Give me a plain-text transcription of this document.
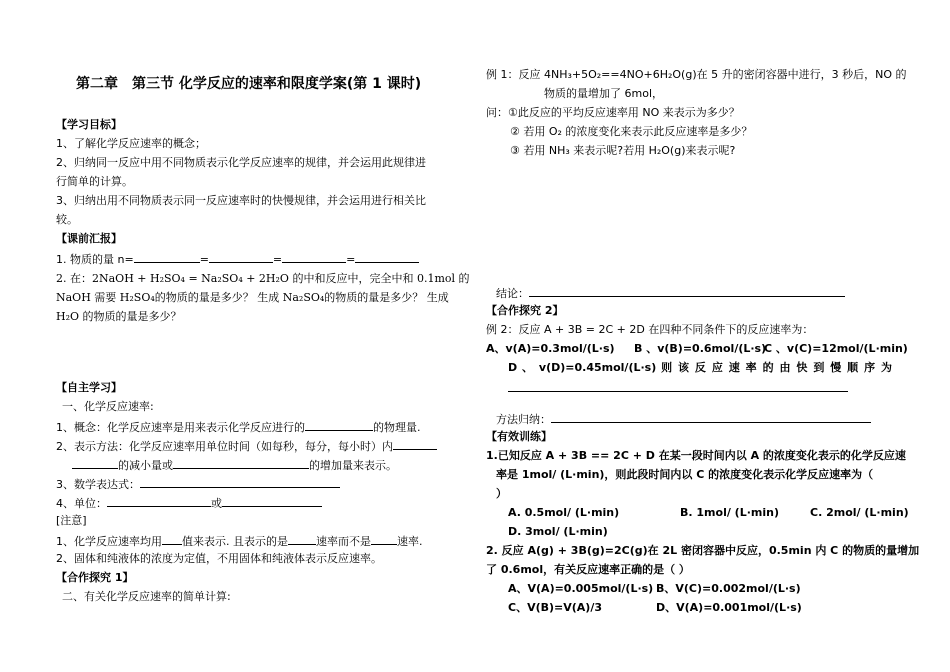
第二章　第三节 化学反应的速率和限度学案(第 1 课时)
【学习目标】
1、了解化学反应速率的概念；
2、归纳同一反应中用不同物质表示化学反应速率的规律，并会运用此规律进
行简单的计算。
3、归纳出用不同物质表示同一反应速率时的快慢规律，并会运用进行相关比
较。
【课前汇报】
1. 物质的量 n=	=	=	=
2. 在：2NaOH + H₂SO₄ = Na₂SO₄ + 2H₂O 的中和反应中，完全中和 0.1mol 的
NaOH 需要 H₂SO₄的物质的量是多少？ 生成 Na₂SO₄的物质的量是多少？ 生成
H₂O 的物质的量是多少？
【自主学习】
一、化学反应速率:
1、概念：化学反应速率是用来表示化学反应进行的	的物理量.
2、表示方法：化学反应速率用单位时间（如每秒，每分，每小时）内
的减小量或	的增加量来表示。
3、数学表达式：
4、单位：	或
[注意]
1、化学反应速率均用 值来表示. 且表示的是	速率而不是 速率.
2、固体和纯液体的浓度为定值，不用固体和纯液体表示反应速率。
【合作探究 1】
二、有关化学反应速率的简单计算:
例 1：反应 4NH₃+5O₂==4NO+6H₂O(g)在 5 升的密闭容器中进行，3 秒后，NO 的
物质的量增加了 6mol，
问：①此反应的平均反应速率用 NO 来表示为多少？
② 若用 O₂ 的浓度变化来表示此反应速率是多少？
③ 若用 NH₃ 来表示呢?若用 H₂O(g)来表示呢?
结论：
【合作探究 2】
例 2：反应 A + 3B = 2C + 2D 在四种不同条件下的反应速率为：
A、v(A)=0.3mol/(L·s) B 、v(B)=0.6mol/(L·s)
C 、v(C)=12mol/(L·min)
D 、 v(D)=0.45mol/(L·s) 则 该 反 应 速 率 的 由 快 到 慢 顺 序 为
方法归纳：
【有效训练】
1.已知反应 A + 3B == 2C + D 在某一段时间内以 A 的浓度变化表示的化学反应速
率是 1mol/ (L·min)，则此段时间内以 C 的浓度变化表示化学反应速率为（
）
A. 0.5mol/ (L·min)	B. 1mol/ (L·min)	C. 2mol/ (L·min)
D. 3mol/ (L·min)
2. 反应 A(g) + 3B(g)=2C(g)在 2L 密闭容器中反应，0.5min 内 C 的物质的量增加
了 0.6mol，有关反应速率正确的是（ ）
A、V(A)=0.005mol/(L·s) B、V(C)=0.002mol/(L·s)
C、V(B)=V(A)/3	D、V(A)=0.001mol/(L·s)
